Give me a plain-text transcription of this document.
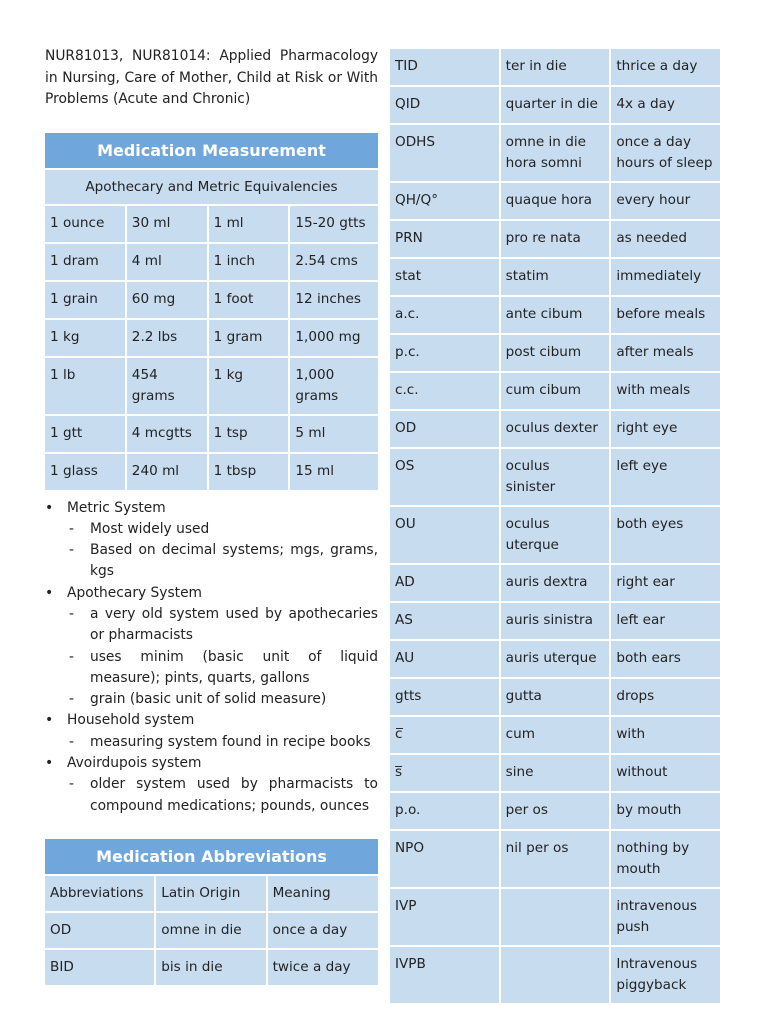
NUR81013, NUR81014: Applied Pharmacology in Nursing, Care of Mother, Child at Risk or With Problems (Acute and Chronic)

Medication Measurement
Apothecary and Metric Equivalencies
1 ounce	30 ml	1 ml	15-20 gtts
1 dram	4 ml	1 inch	2.54 cms
1 grain	60 mg	1 foot	12 inches
1 kg	2.2 lbs	1 gram	1,000 mg
1 lb	454 grams	1 kg	1,000 grams
1 gtt	4 mcgtts	1 tsp	5 ml
1 glass	240 ml	1 tbsp	15 ml
• Metric System
- Most widely used
- Based on decimal systems; mgs, grams, kgs
• Apothecary System
- a very old system used by apothecaries or pharmacists
- uses minim (basic unit of liquid measure); pints, quarts, gallons
- grain (basic unit of solid measure)
• Household system
- measuring system found in recipe books
• Avoirdupois system
- older system used by pharmacists to compound medications; pounds, ounces
Medication Abbreviations
Abbreviations	Latin Origin	Meaning
OD	omne in die	once a day
BID	bis in die	twice a day
TID	ter in die	thrice a day
QID	quarter in die	4x a day
ODHS	omne in die hora somni	once a day hours of sleep
QH/Q°	quaque hora	every hour
PRN	pro re nata	as needed
stat	statim	immediately
a.c.	ante cibum	before meals
p.c.	post cibum	after meals
c.c.	cum cibum	with meals
OD	oculus dexter	right eye
OS	oculus sinister	left eye
OU	oculus uterque	both eyes
AD	auris dextra	right ear
AS	auris sinistra	left ear
AU	auris uterque	both ears
gtts	gutta	drops
c̅	cum	with
s̅	sine	without
p.o.	per os	by mouth
NPO	nil per os	nothing by mouth
IVP		intravenous push
IVPB		Intravenous piggyback
